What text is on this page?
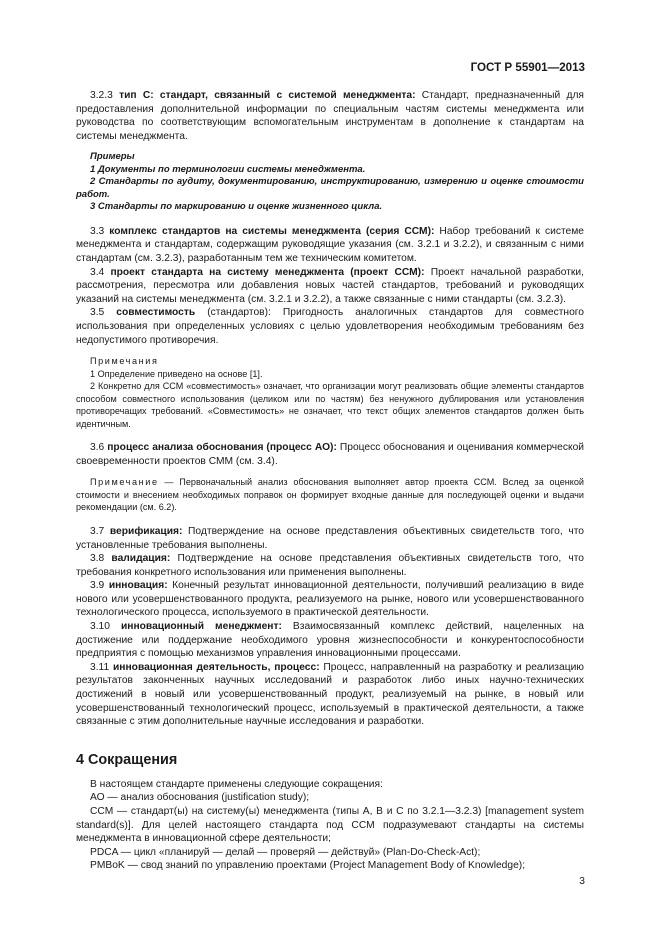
ГОСТ Р 55901—2013

3.2.3 тип С: стандарт, связанный с системой менеджмента: Стандарт, предназначенный для предоставления дополнительной информации по специальным частям системы менеджмента или руководства по соответствующим вспомогательным инструментам в дополнение к стандартам на системы менеджмента.

Примеры

1 Документы по терминологии системы менеджмента.

2 Стандарты по аудиту, документированию, инструктированию, измерению и оценке стоимости работ.

3 Стандарты по маркированию и оценке жизненного цикла.

3.3 комплекс стандартов на системы менеджмента (серия ССМ): Набор требований к системе менеджмента и стандартам, содержащим руководящие указания (см. 3.2.1 и 3.2.2), и связанным с ними стандартам (см. 3.2.3), разработанным тем же техническим комитетом.

3.4 проект стандарта на систему менеджмента (проект ССМ): Проект начальной разработки, рассмотрения, пересмотра или добавления новых частей стандартов, требований и руководящих указаний на системы менеджмента (см. 3.2.1 и 3.2.2), а также связанные с ними стандарты (см. 3.2.3).

3.5 совместимость (стандартов): Пригодность аналогичных стандартов для совместного использования при определенных условиях с целью удовлетворения необходимым требованиям без недопустимого противоречия.

Примечания

1 Определение приведено на основе [1].

2 Конкретно для ССМ «совместимость» означает, что организации могут реализовать общие элементы стандартов способом совместного использования (целиком или по частям) без ненужного дублирования или установления противоречащих требований. «Совместимость» не означает, что текст общих элементов стандартов должен быть идентичным.

3.6 процесс анализа обоснования (процесс АО): Процесс обоснования и оценивания коммерческой своевременности проектов СММ (см. 3.4).

Примечание — Первоначальный анализ обоснования выполняет автор проекта ССМ. Вслед за оценкой стоимости и внесением необходимых поправок он формирует входные данные для последующей оценки и выдачи рекомендации (см. 6.2).

3.7 верификация: Подтверждение на основе представления объективных свидетельств того, что установленные требования выполнены.

3.8 валидация: Подтверждение на основе представления объективных свидетельств того, что требования конкретного использования или применения выполнены.

3.9 инновация: Конечный результат инновационной деятельности, получивший реализацию в виде нового или усовершенствованного продукта, реализуемого на рынке, нового или усовершенствованного технологического процесса, используемого в практической деятельности.

3.10 инновационный менеджмент: Взаимосвязанный комплекс действий, нацеленных на достижение или поддержание необходимого уровня жизнеспособности и конкурентоспособности предприятия с помощью механизмов управления инновационными процессами.

3.11 инновационная деятельность, процесс: Процесс, направленный на разработку и реализацию результатов законченных научных исследований и разработок либо иных научно-технических достижений в новый или усовершенствованный продукт, реализуемый на рынке, в новый или усовершенствованный технологический процесс, используемый в практической деятельности, а также связанные с этим дополнительные научные исследования и разработки.

4 Сокращения

В настоящем стандарте применены следующие сокращения:

АО — анализ обоснования (justification study);

ССМ — стандарт(ы) на систему(ы) менеджмента (типы А, В и С по 3.2.1—3.2.3) [management system standard(s)]. Для целей настоящего стандарта под ССМ подразумевают стандарты на системы менеджмента в инновационной сфере деятельности;

PDCA — цикл «планируй — делай — проверяй — действуй» (Plan-Do-Check-Act);

PMBoK — свод знаний по управлению проектами (Project Management Body of Knowledge);

3
